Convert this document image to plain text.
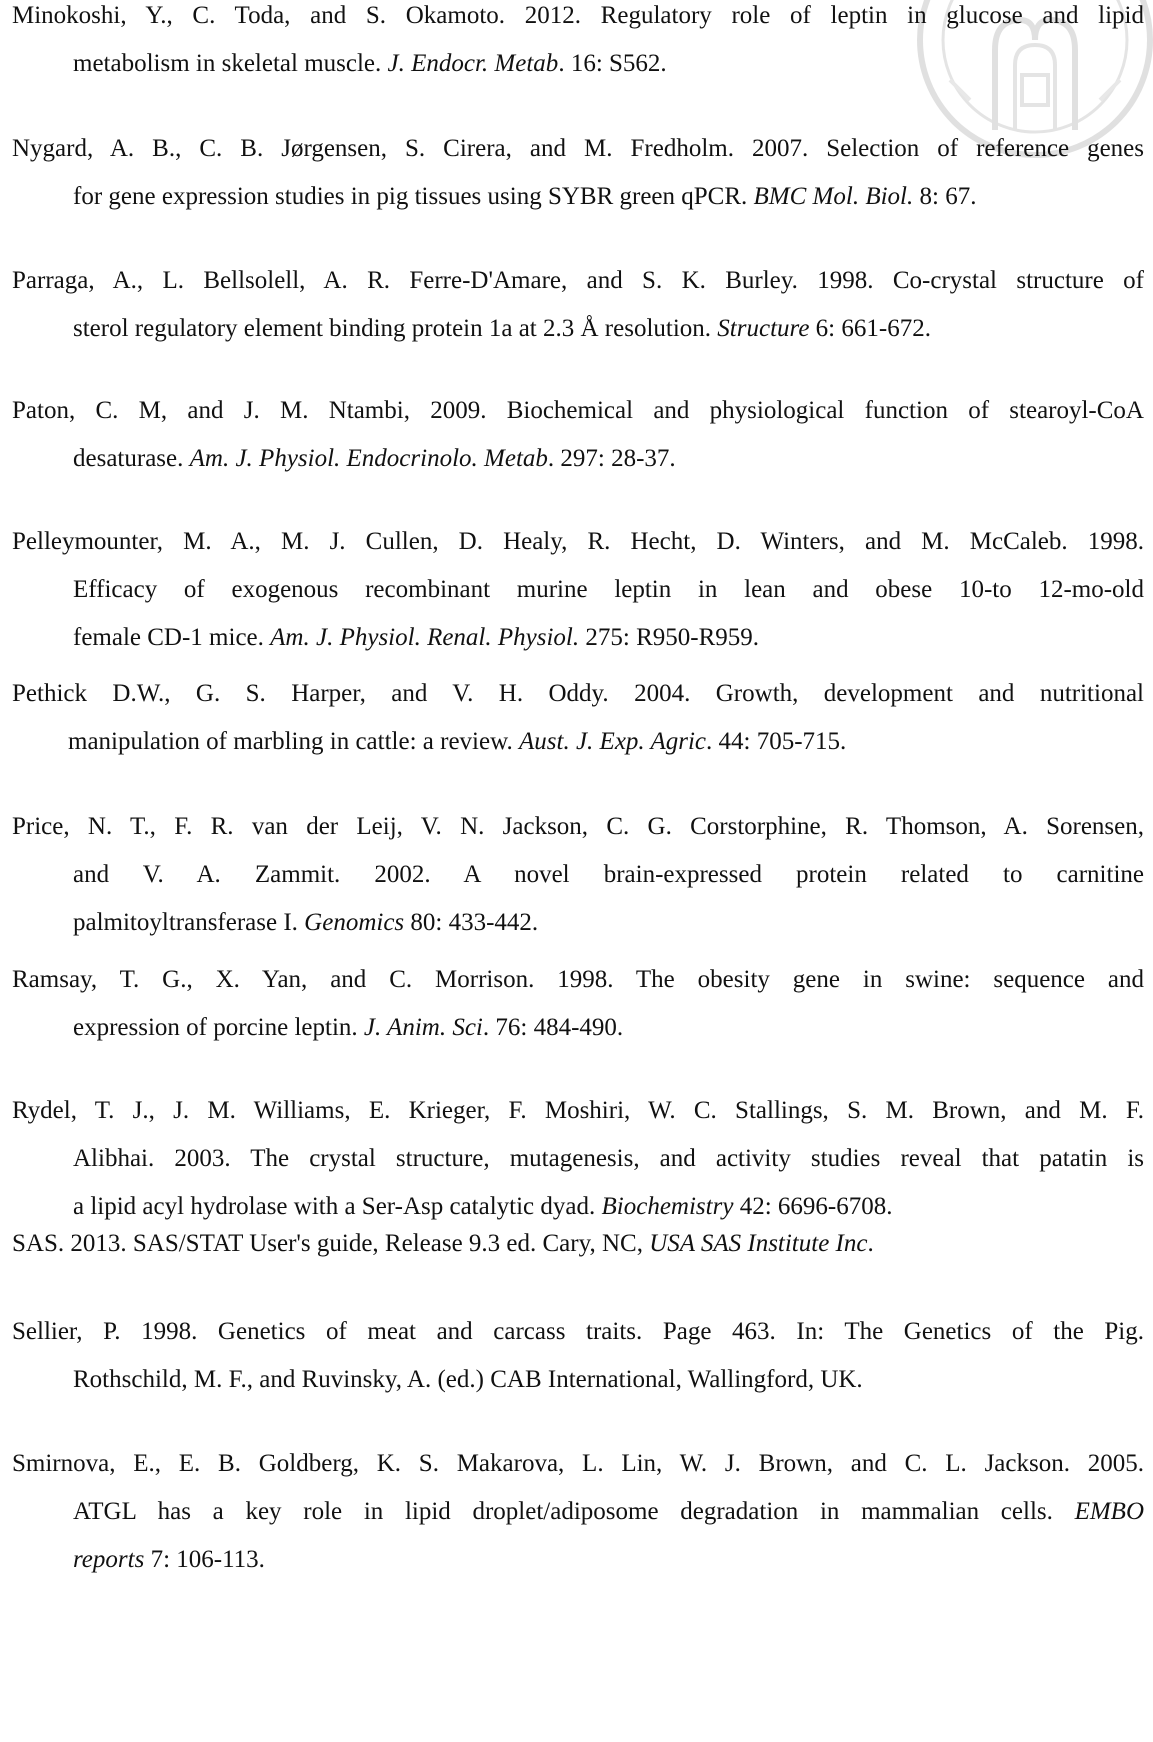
Minokoshi, Y., C. Toda, and S. Okamoto. 2012. Regulatory role of leptin in glucose and lipid
metabolism in skeletal muscle. J. Endocr. Metab. 16: S562.

Nygard, A. B., C. B. Jørgensen, S. Cirera, and M. Fredholm. 2007. Selection of reference genes
for gene expression studies in pig tissues using SYBR green qPCR. BMC Mol. Biol. 8: 67.

Parraga, A., L. Bellsolell, A. R. Ferre-D'Amare, and S. K. Burley. 1998. Co-crystal structure of
sterol regulatory element binding protein 1a at 2.3 Å resolution. Structure 6: 661-672.

Paton, C. M, and J. M. Ntambi, 2009. Biochemical and physiological function of stearoyl-CoA
desaturase. Am. J. Physiol. Endocrinolo. Metab. 297: 28-37.

Pelleymounter, M. A., M. J. Cullen, D. Healy, R. Hecht, D. Winters, and M. McCaleb. 1998.
Efficacy of exogenous recombinant murine leptin in lean and obese 10-to 12-mo-old
female CD-1 mice. Am. J. Physiol. Renal. Physiol. 275: R950-R959.

Pethick D.W., G. S. Harper, and V. H. Oddy. 2004. Growth, development and nutritional
manipulation of marbling in cattle: a review. Aust. J. Exp. Agric. 44: 705-715.

Price, N. T., F. R. van der Leij, V. N. Jackson, C. G. Corstorphine, R. Thomson, A. Sorensen,
and V. A. Zammit. 2002. A novel brain-expressed protein related to carnitine
palmitoyltransferase I. Genomics 80: 433-442.

Ramsay, T. G., X. Yan, and C. Morrison. 1998. The obesity gene in swine: sequence and
expression of porcine leptin. J. Anim. Sci. 76: 484-490.

Rydel, T. J., J. M. Williams, E. Krieger, F. Moshiri, W. C. Stallings, S. M. Brown, and M. F.
Alibhai. 2003. The crystal structure, mutagenesis, and activity studies reveal that patatin is
a lipid acyl hydrolase with a Ser-Asp catalytic dyad. Biochemistry 42: 6696-6708.

SAS. 2013. SAS/STAT User's guide, Release 9.3 ed. Cary, NC, USA SAS Institute Inc.

Sellier, P. 1998. Genetics of meat and carcass traits. Page 463. In: The Genetics of the Pig.
Rothschild, M. F., and Ruvinsky, A. (ed.) CAB International, Wallingford, UK.

Smirnova, E., E. B. Goldberg, K. S. Makarova, L. Lin, W. J. Brown, and C. L. Jackson. 2005.
ATGL has a key role in lipid droplet/adiposome degradation in mammalian cells. EMBO
reports 7: 106-113.
